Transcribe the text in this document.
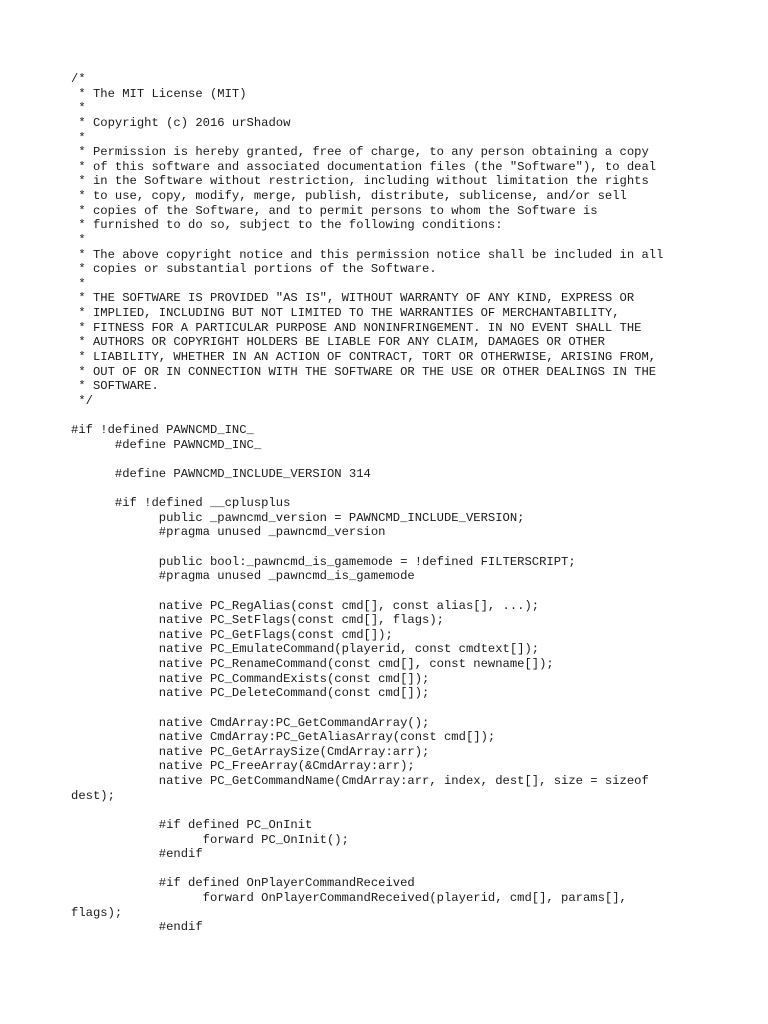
/*
* The MIT License (MIT)
*
* Copyright (c) 2016 urShadow
*
* Permission is hereby granted, free of charge, to any person obtaining a copy
* of this software and associated documentation files (the "Software"), to deal
* in the Software without restriction, including without limitation the rights
* to use, copy, modify, merge, publish, distribute, sublicense, and/or sell
* copies of the Software, and to permit persons to whom the Software is
* furnished to do so, subject to the following conditions:
*
* The above copyright notice and this permission notice shall be included in all
* copies or substantial portions of the Software.
*
* THE SOFTWARE IS PROVIDED "AS IS", WITHOUT WARRANTY OF ANY KIND, EXPRESS OR
* IMPLIED, INCLUDING BUT NOT LIMITED TO THE WARRANTIES OF MERCHANTABILITY,
* FITNESS FOR A PARTICULAR PURPOSE AND NONINFRINGEMENT. IN NO EVENT SHALL THE
* AUTHORS OR COPYRIGHT HOLDERS BE LIABLE FOR ANY CLAIM, DAMAGES OR OTHER
* LIABILITY, WHETHER IN AN ACTION OF CONTRACT, TORT OR OTHERWISE, ARISING FROM,
* OUT OF OR IN CONNECTION WITH THE SOFTWARE OR THE USE OR OTHER DEALINGS IN THE
* SOFTWARE.
*/
#if !defined PAWNCMD_INC_
#define PAWNCMD_INC_
#define PAWNCMD_INCLUDE_VERSION 314
#if !defined __cplusplus
public _pawncmd_version = PAWNCMD_INCLUDE_VERSION;
#pragma unused _pawncmd_version
public bool:_pawncmd_is_gamemode = !defined FILTERSCRIPT;
#pragma unused _pawncmd_is_gamemode
native PC_RegAlias(const cmd[], const alias[], ...);
native PC_SetFlags(const cmd[], flags);
native PC_GetFlags(const cmd[]);
native PC_EmulateCommand(playerid, const cmdtext[]);
native PC_RenameCommand(const cmd[], const newname[]);
native PC_CommandExists(const cmd[]);
native PC_DeleteCommand(const cmd[]);
native CmdArray:PC_GetCommandArray();
native CmdArray:PC_GetAliasArray(const cmd[]);
native PC_GetArraySize(CmdArray:arr);
native PC_FreeArray(&CmdArray:arr);
native PC_GetCommandName(CmdArray:arr, index, dest[], size = sizeof
dest);
#if defined PC_OnInit
forward PC_OnInit();
#endif
#if defined OnPlayerCommandReceived
forward OnPlayerCommandReceived(playerid, cmd[], params[],
flags);
#endif
